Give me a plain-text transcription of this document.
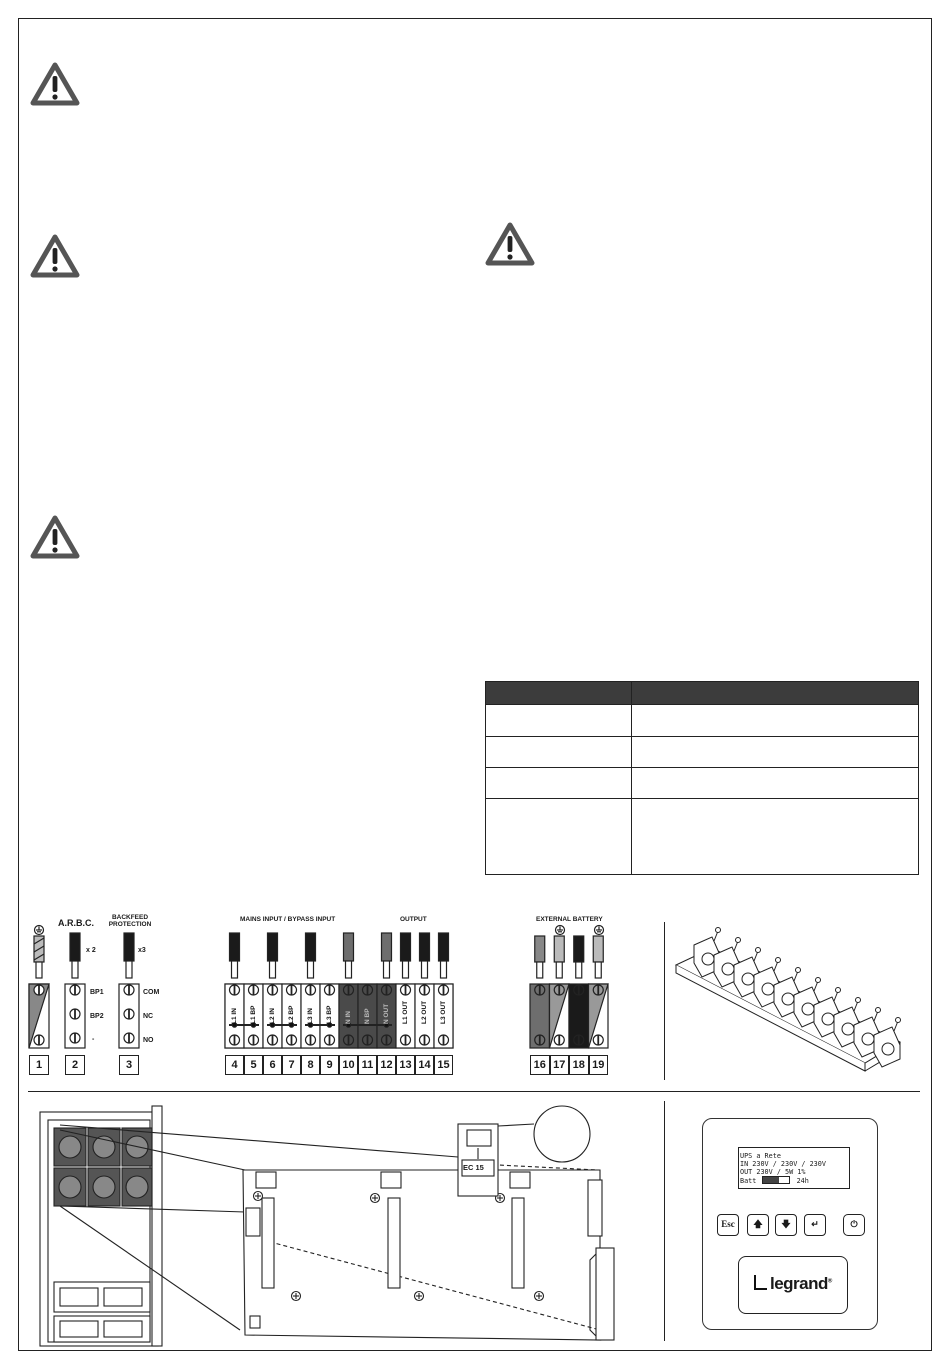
A.R.B.C.
BACKFEED
PROTECTION
MAINS INPUT / BYPASS INPUT	OUTPUT	EXTERNAL BATTERY
x 2	x3
BP1
BP2
-
COM
NC
NO
L1 IN L1 BP L2 IN L2 BP L3 IN L3 BP N IN N BP N OUT L1 OUT L2 OUT L3 OUT
1	2	3	4	5	6	7	8	9 10 11 12 13 14 15	16 17 18 19
EC 15
UPS a Rete
IN 230V / 230V / 230V
OUT 230V / 5W 1%
Batt	24h
Esc	🡅	🡇	↵	⏻
legrand®
